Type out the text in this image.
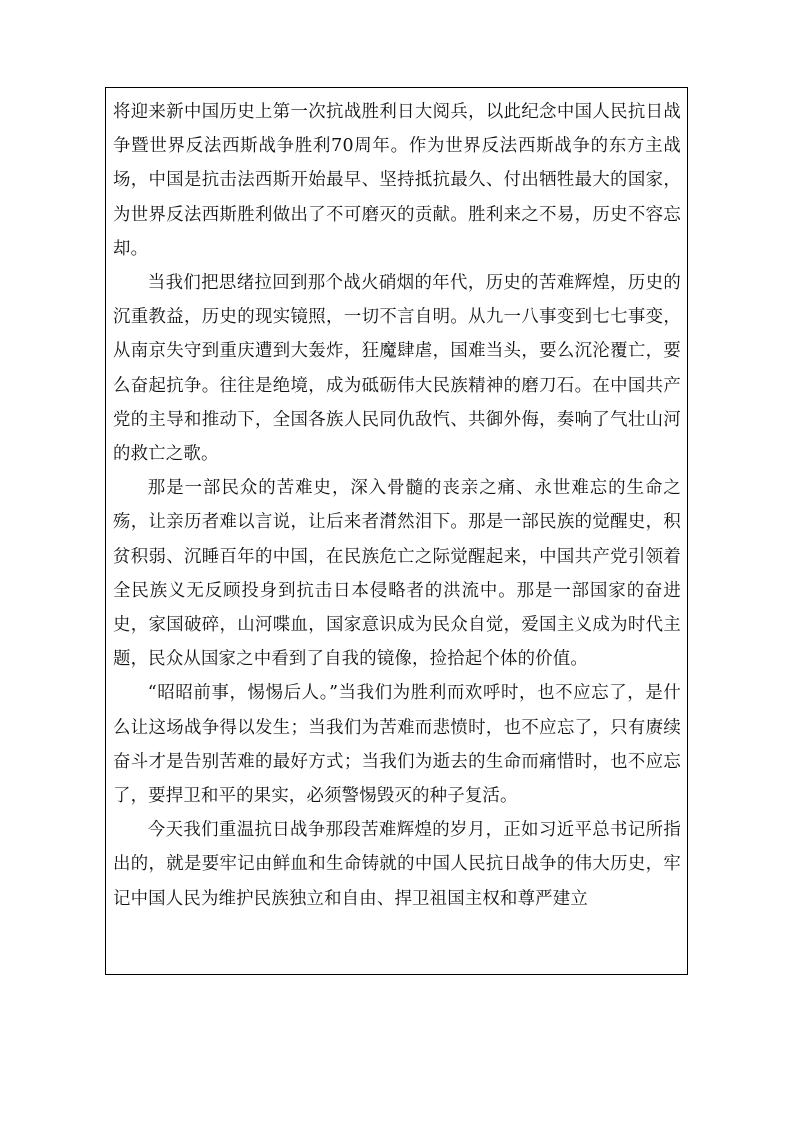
将迎来新中国历史上第一次抗战胜利日大阅兵，以此纪念中国人民抗日战争暨世界反法西斯战争胜利70周年。作为世界反法西斯战争的东方主战场，中国是抗击法西斯开始最早、坚持抵抗最久、付出牺牲最大的国家，为世界反法西斯胜利做出了不可磨灭的贡献。胜利来之不易，历史不容忘却。

当我们把思绪拉回到那个战火硝烟的年代，历史的苦难辉煌，历史的沉重教益，历史的现实镜照，一切不言自明。从九一八事变到七七事变，从南京失守到重庆遭到大轰炸，狂魔肆虐，国难当头，要么沉沦覆亡，要么奋起抗争。往往是绝境，成为砥砺伟大民族精神的磨刀石。在中国共产党的主导和推动下，全国各族人民同仇敌忾、共御外侮，奏响了气壮山河的救亡之歌。

那是一部民众的苦难史，深入骨髓的丧亲之痛、永世难忘的生命之殇，让亲历者难以言说，让后来者潸然泪下。那是一部民族的觉醒史，积贫积弱、沉睡百年的中国，在民族危亡之际觉醒起来，中国共产党引领着全民族义无反顾投身到抗击日本侵略者的洪流中。那是一部国家的奋进史，家国破碎，山河喋血，国家意识成为民众自觉，爱国主义成为时代主题，民众从国家之中看到了自我的镜像，捡拾起个体的价值。

“昭昭前事，惕惕后人。”当我们为胜利而欢呼时，也不应忘了，是什么让这场战争得以发生；当我们为苦难而悲愤时，也不应忘了，只有赓续奋斗才是告别苦难的最好方式；当我们为逝去的生命而痛惜时，也不应忘了，要捍卫和平的果实，必须警惕毁灭的种子复活。

今天我们重温抗日战争那段苦难辉煌的岁月，正如习近平总书记所指出的，就是要牢记由鲜血和生命铸就的中国人民抗日战争的伟大历史，牢记中国人民为维护民族独立和自由、捍卫祖国主权和尊严建立
